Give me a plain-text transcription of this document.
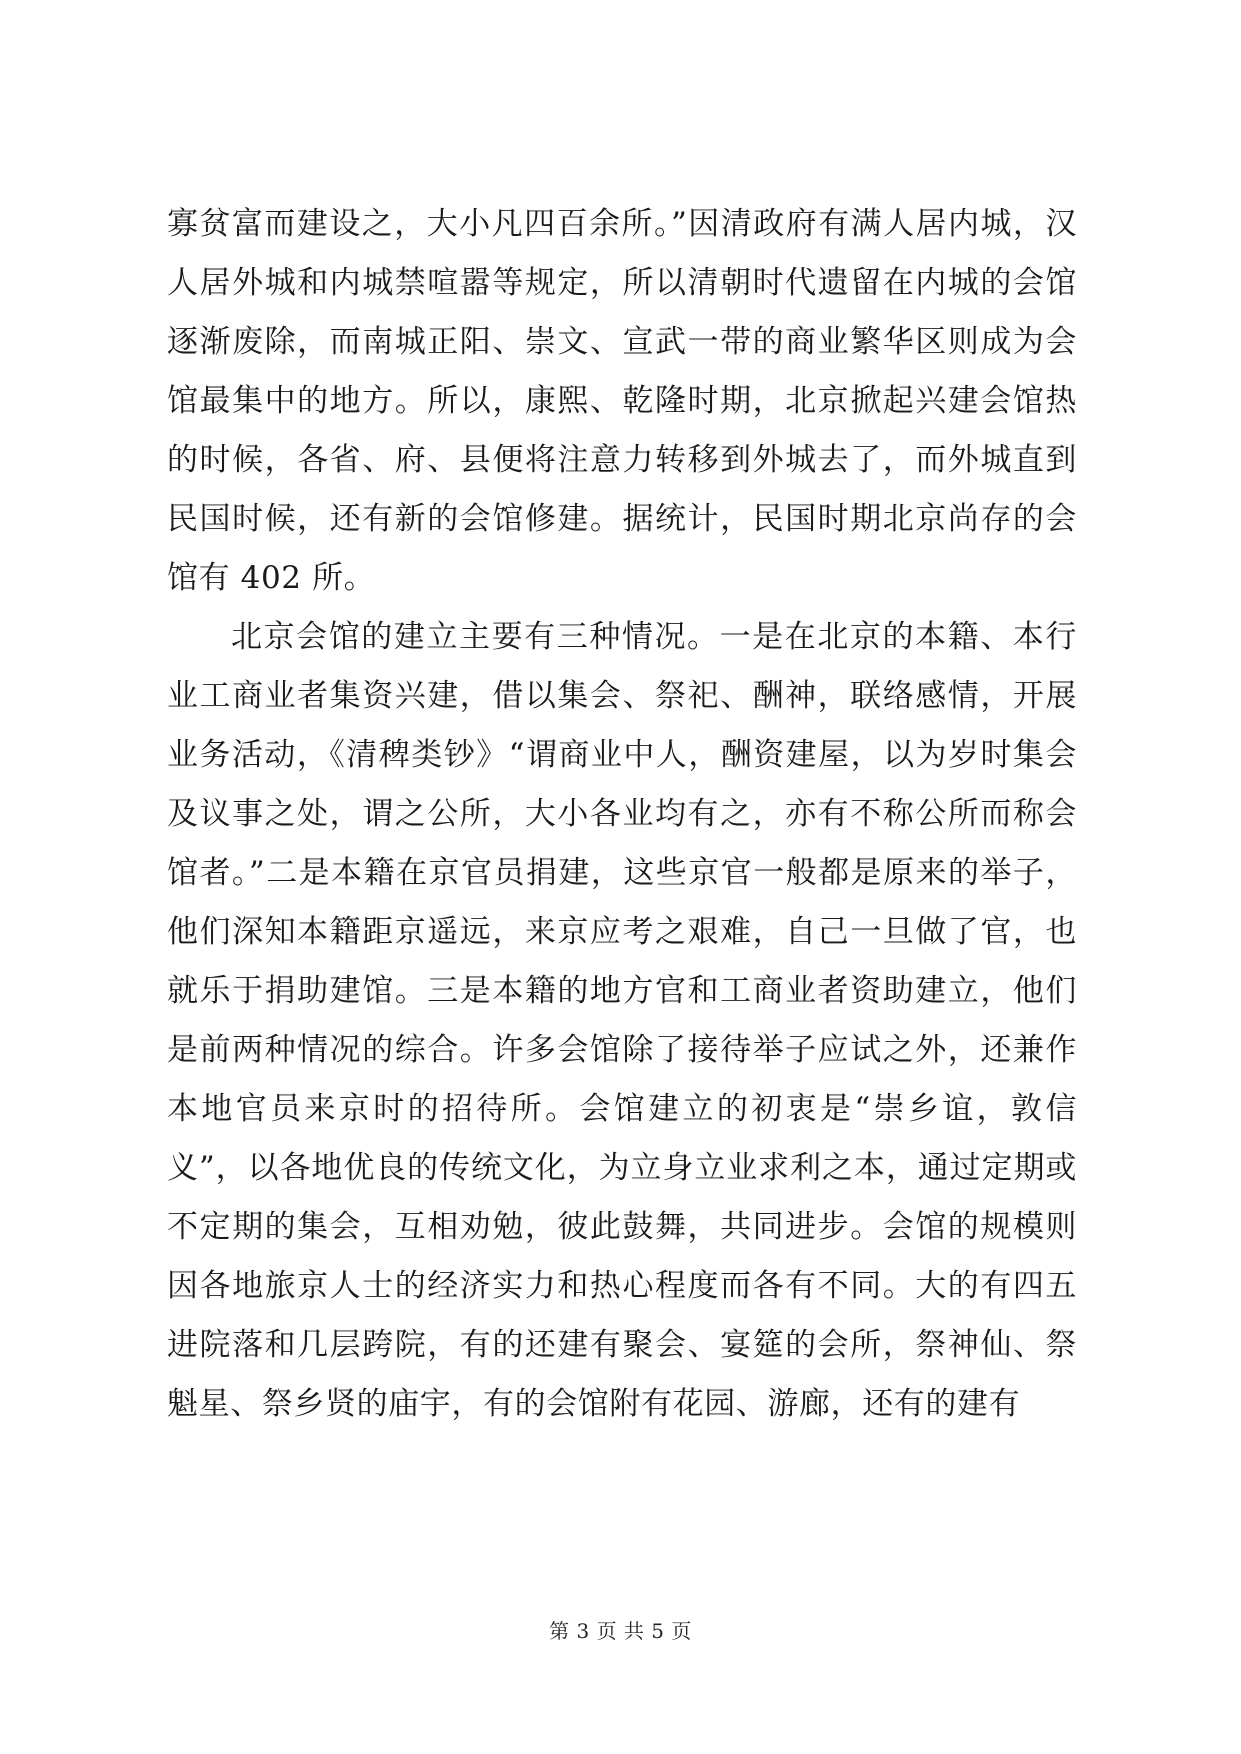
寡贫富而建设之，大小凡四百余所。”因清政府有满人居内城，汉人居外城和内城禁喧嚣等规定，所以清朝时代遗留在内城的会馆逐渐废除，而南城正阳、崇文、宣武一带的商业繁华区则成为会馆最集中的地方。所以，康熙、乾隆时期，北京掀起兴建会馆热的时候，各省、府、县便将注意力转移到外城去了，而外城直到民国时候，还有新的会馆修建。据统计，民国时期北京尚存的会馆有 402 所。

北京会馆的建立主要有三种情况。一是在北京的本籍、本行业工商业者集资兴建，借以集会、祭祀、酬神，联络感情，开展业务活动，《清稗类钞》“谓商业中人，酬资建屋，以为岁时集会及议事之处，谓之公所，大小各业均有之，亦有不称公所而称会馆者。”二是本籍在京官员捐建，这些京官一般都是原来的举子，他们深知本籍距京遥远，来京应考之艰难，自己一旦做了官，也就乐于捐助建馆。三是本籍的地方官和工商业者资助建立，他们是前两种情况的综合。许多会馆除了接待举子应试之外，还兼作本地官员来京时的招待所。会馆建立的初衷是“崇乡谊，敦信义”，以各地优良的传统文化，为立身立业求利之本，通过定期或不定期的集会，互相劝勉，彼此鼓舞，共同进步。会馆的规模则因各地旅京人士的经济实力和热心程度而各有不同。大的有四五进院落和几层跨院，有的还建有聚会、宴筵的会所，祭神仙、祭魁星、祭乡贤的庙宇，有的会馆附有花园、游廊，还有的建有

第 3 页 共 5 页
